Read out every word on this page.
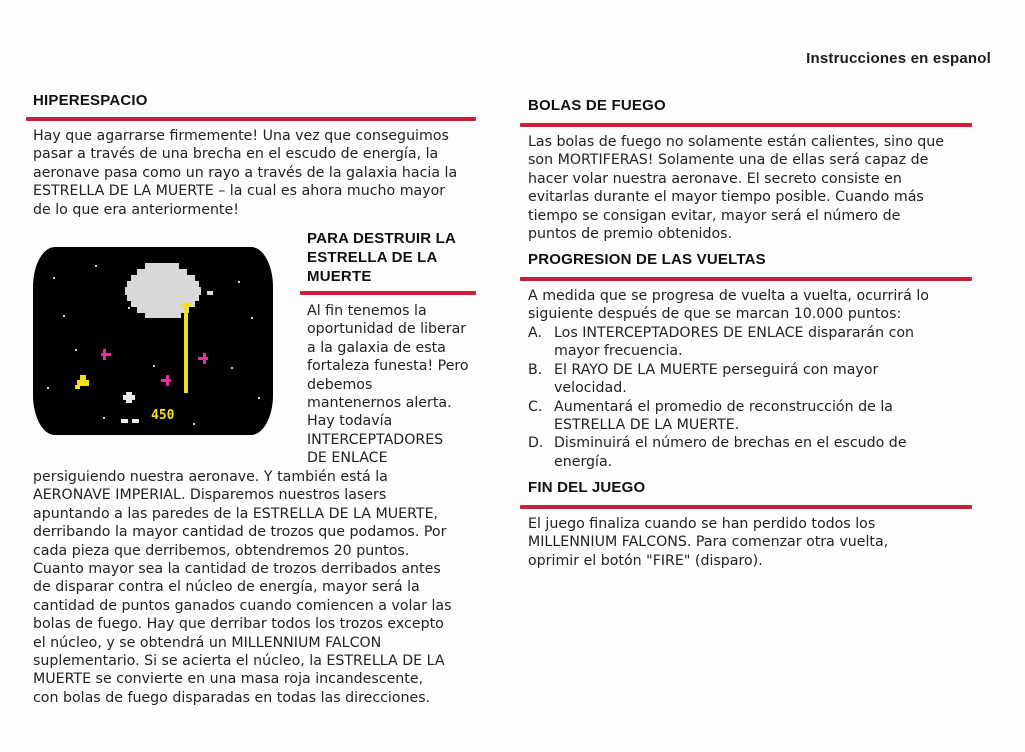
Instrucciones en espanol
HIPERESPACIO

Hay que agarrarse firmemente! Una vez que conseguimos
pasar a través de una brecha en el escudo de energía, la
aeronave pasa como un rayo a través de la galaxia hacia la
ESTRELLA DE LA MUERTE – la cual es ahora mucho mayor
de lo que era anteriormente!

450
PARA DESTRUIR LA
ESTRELLA DE LA
MUERTE

Al fin tenemos la
oportunidad de liberar
a la galaxia de esta
fortaleza funesta! Pero
debemos
mantenernos alerta.
Hay todavía
INTERCEPTADORES
DE ENLACE

persiguiendo nuestra aeronave. Y también está la
AERONAVE IMPERIAL. Disparemos nuestros lasers
apuntando a las paredes de la ESTRELLA DE LA MUERTE,
derribando la mayor cantidad de trozos que podamos. Por
cada pieza que derribemos, obtendremos 20 puntos.
Cuanto mayor sea la cantidad de trozos derribados antes
de disparar contra el núcleo de energía, mayor será la
cantidad de puntos ganados cuando comiencen a volar las
bolas de fuego. Hay que derribar todos los trozos excepto
el núcleo, y se obtendrá un MILLENNIUM FALCON
suplementario. Si se acierta el núcleo, la ESTRELLA DE LA
MUERTE se convierte en una masa roja incandescente,
con bolas de fuego disparadas en todas las direcciones.

BOLAS DE FUEGO

Las bolas de fuego no solamente están calientes, sino que
son MORTIFERAS! Solamente una de ellas será capaz de
hacer volar nuestra aeronave. El secreto consiste en
evitarlas durante el mayor tiempo posible. Cuando más
tiempo se consigan evitar, mayor será el número de
puntos de premio obtenidos.

PROGRESION DE LAS VUELTAS

A medida que se progresa de vuelta a vuelta, ocurrirá lo
siguiente después de que se marcan 10.000 puntos:

A. Los INTERCEPTADORES DE ENLACE dispararán con
mayor frecuencia.
B. El RAYO DE LA MUERTE perseguirá con mayor
velocidad.
C. Aumentará el promedio de reconstrucción de la
ESTRELLA DE LA MUERTE.
D. Disminuirá el número de brechas en el escudo de
energía.
FIN DEL JUEGO

El juego finaliza cuando se han perdido todos los
MILLENNIUM FALCONS. Para comenzar otra vuelta,
oprimir el botón "FIRE" (disparo).
